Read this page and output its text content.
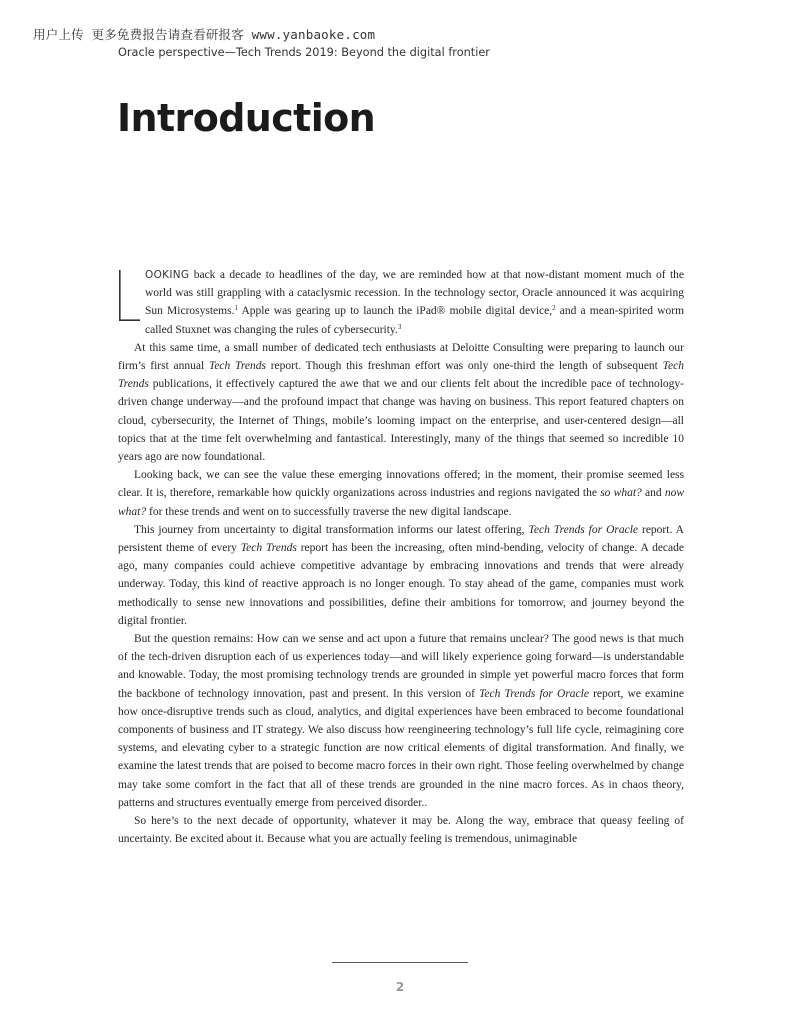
用户上传 更多免费报告请查看研报客 www.yanbaoke.com
Oracle perspective—Tech Trends 2019: Beyond the digital frontier
Introduction

OOKING back a decade to headlines of the day, we are reminded how at that now-distant moment much of the world was still grappling with a cataclysmic recession. In the technology sector, Oracle announced it was acquiring Sun Microsystems.$^1$ Apple was gearing up to launch the iPad® mobile digital device,$^2$ and a mean-spirited worm called Stuxnet was changing the rules of cybersecurity.$^3$

At this same time, a small number of dedicated tech enthusiasts at Deloitte Consulting were preparing to launch our firm’s first annual Tech Trends report. Though this freshman effort was only one-third the length of subsequent Tech Trends publications, it effectively captured the awe that we and our clients felt about the incredible pace of technology-driven change underway—and the profound impact that change was having on business. This report featured chapters on cloud, cybersecurity, the Internet of Things, mobile’s looming impact on the enterprise, and user-centered design—all topics that at the time felt overwhelming and fantastical. Interestingly, many of the things that seemed so incredible 10 years ago are now foundational.

Looking back, we can see the value these emerging innovations offered; in the moment, their promise seemed less clear. It is, therefore, remarkable how quickly organizations across industries and regions navigated the so what? and now what? for these trends and went on to successfully traverse the new digital landscape.

This journey from uncertainty to digital transformation informs our latest offering, Tech Trends for Oracle report. A persistent theme of every Tech Trends report has been the increasing, often mind-bending, velocity of change. A decade ago, many companies could achieve competitive advantage by embracing innovations and trends that were already underway. Today, this kind of reactive approach is no longer enough. To stay ahead of the game, companies must work methodically to sense new innovations and possibilities, define their ambitions for tomorrow, and journey beyond the digital frontier.

But the question remains: How can we sense and act upon a future that remains unclear? The good news is that much of the tech-driven disruption each of us experiences today—and will likely experience going forward—is understandable and knowable. Today, the most promising technology trends are grounded in simple yet powerful macro forces that form the backbone of technology innovation, past and present. In this version of Tech Trends for Oracle report, we examine how once-disruptive trends such as cloud, analytics, and digital experiences have been embraced to become foundational components of business and IT strategy. We also discuss how reengineering technology’s full life cycle, reimagining core systems, and elevating cyber to a strategic function are now critical elements of digital transformation. And finally, we examine the latest trends that are poised to become macro forces in their own right. Those feeling overwhelmed by change may take some comfort in the fact that all of these trends are grounded in the nine macro forces. As in chaos theory, patterns and structures eventually emerge from perceived disorder..

So here’s to the next decade of opportunity, whatever it may be. Along the way, embrace that queasy feeling of uncertainty. Be excited about it. Because what you are actually feeling is tremendous, unimaginable

2
